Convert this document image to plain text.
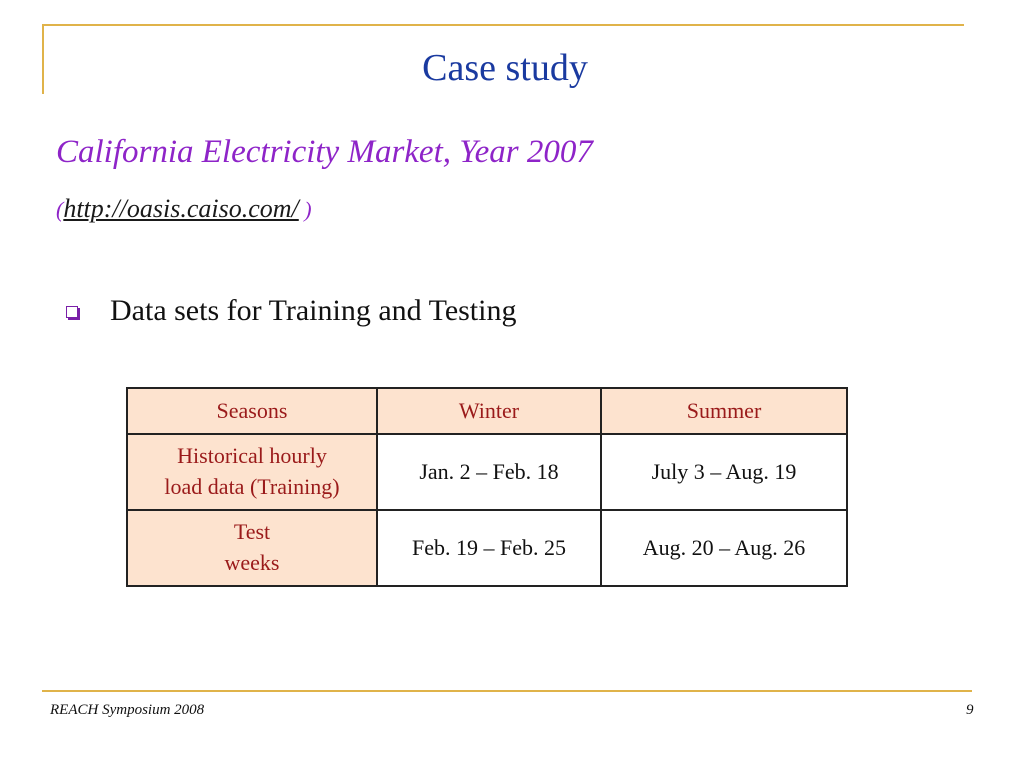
Case study
California Electricity Market, Year 2007
(http://oasis.caiso.com/ )
Data sets for Training and Testing
Seasons	Winter	Summer
Historical hourly
load data (Training)	Jan. 2 – Feb. 18	July 3 – Aug. 19
Test
weeks	Feb. 19 – Feb. 25	Aug. 20 – Aug. 26
REACH Symposium 2008	9
